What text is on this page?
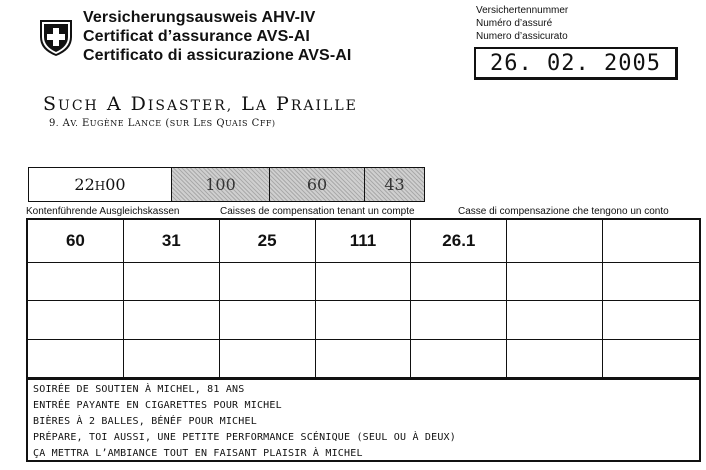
Versicherungsausweis AHV-IV
Certificat d’assurance AVS-AI
Certificato di assicurazione AVS-AI
Versichertennummer
Numéro d’assuré
Numero d’assicurato
26. 02. 2005
SUCH A DISASTER, LA PRAILLE
9. AV. EUGÈNE LANCE (SUR LES QUAIS CFF)
22H00	100	60	43
Kontenführende Ausgleichskassen	Caisses de compensation tenant un compte	Casse di compensazione che tengono un conto
60	31	25	111	26.1
SOIRÉE DE SOUTIEN À MICHEL, 81 ANS
ENTRÉE PAYANTE EN CIGARETTES POUR MICHEL
BIÈRES À 2 BALLES, BÉNÉF POUR MICHEL
PRÉPARE, TOI AUSSI, UNE PETITE PERFORMANCE SCÉNIQUE (SEUL OU À DEUX)
ÇA METTRA L’AMBIANCE TOUT EN FAISANT PLAISIR À MICHEL
